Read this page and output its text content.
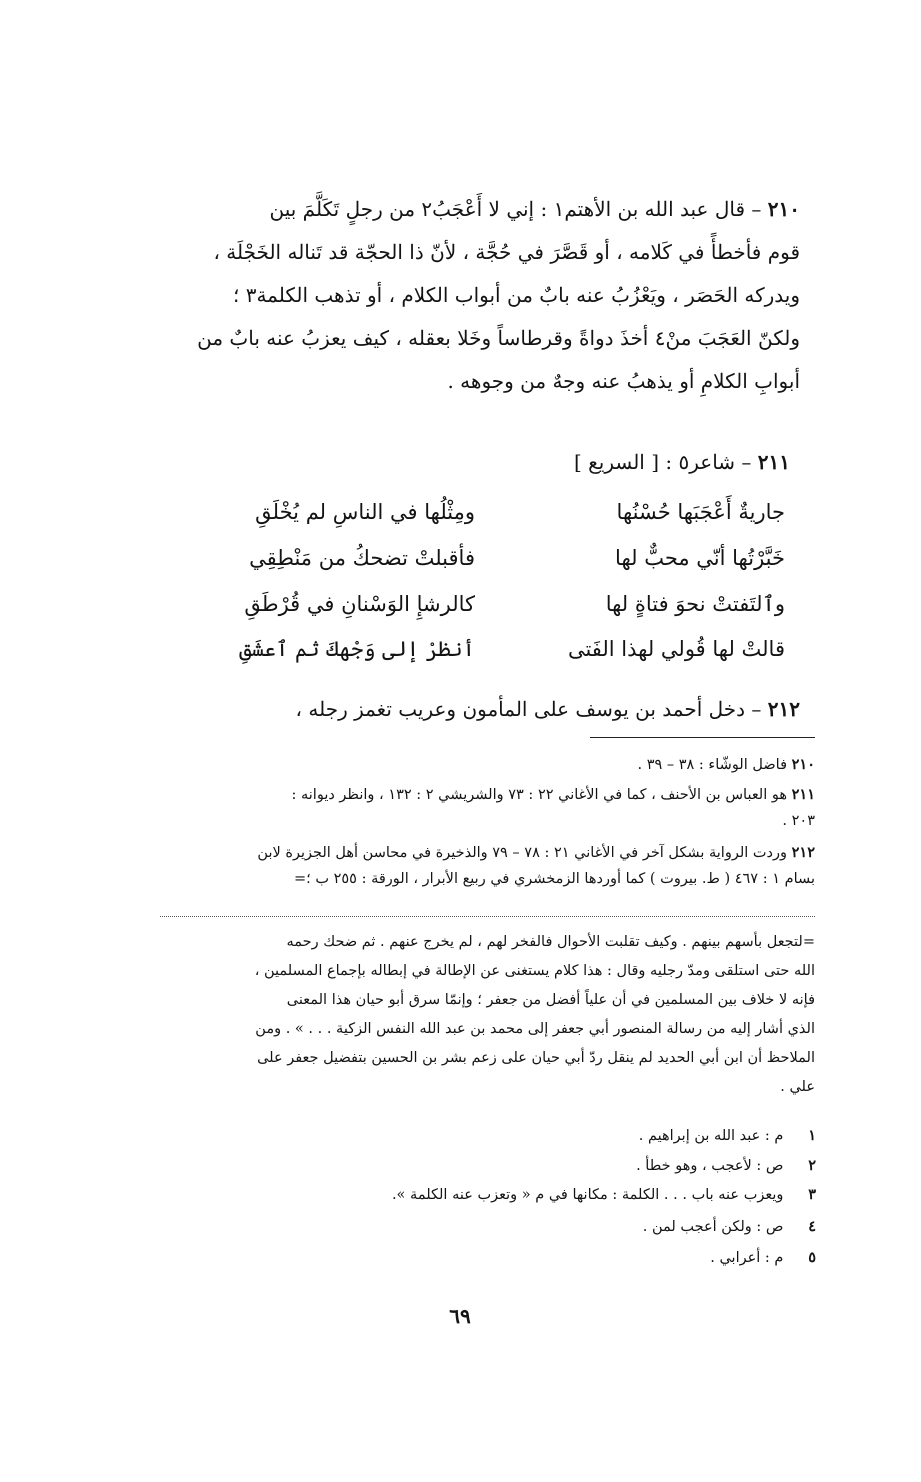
٢١٠ – قال عبد الله بن الأهتم١ : إني لا أَعْجَبُ٢ من رجلٍ تَكَلَّمَ بين
قوم فأخطأً في كَلامه ، أو قَصَّرَ في حُجَّة ، لأنّ ذا الحجّة قد تَناله الخَجْلَة ،
ويدركه الحَصَر ، ويَعْزُبُ عنه بابٌ من أبواب الكلام ، أو تذهب الكلمة٣ ؛
ولكنّ العَجَبَ منْ٤ أخذَ دواةً وقرطاساً وخَلا بعقله ، كيف يعزبُ عنه بابٌ من
أبوابِ الكلامِ أو يذهبُ عنه وجهٌ من وجوهه .
٢١١ – شاعر٥ : [ السريع ]
جاريةٌ أَعْجَبَها حُسْنُها
ومِثْلُها في الناسِ لم يُخْلَقِ
خَبَّرْتُها أنّي محبٌّ لها
فأقبلتْ تضحكُ من مَنْطِقِي
وٱلتَفتتْ نحوَ فتاةٍ لها
كالرشإِ الوَسْنانِ في قُرْطَقِ
قالتْ لها قُولي لهذا الفَتى
أنظرْ إلى وَجْهكَ ثم ٱعشَقِ
٢١٢ – دخل أحمد بن يوسف على المأمون وعريب تغمز رجله ،
٢١٠ فاضل الوشّاء : ٣٨ – ٣٩ .
٢١١ هو العباس بن الأحنف ، كما في الأغاني ٢٢ : ٧٣ والشريشي ٢ : ١٣٢ ، وانظر ديوانه :
٢٠٣ .
٢١٢ وردت الرواية بشكل آخر في الأغاني ٢١ : ٧٨ – ٧٩ والذخيرة في محاسن أهل الجزيرة لابن
بسام ١ : ٤٦٧ ( ط. بيروت ) كما أوردها الزمخشري في ربيع الأبرار ، الورقة : ٢٥٥ ب ؛=
=لتجعل بأسهم بينهم . وكيف تقلبت الأحوال فالفخر لهم ، لم يخرج عنهم . ثم ضحك رحمه
الله حتى استلقى ومدّ رجليه وقال : هذا كلام يستغنى عن الإطالة في إبطاله بإجماع المسلمين ،
فإنه لا خلاف بين المسلمين في أن علياً أفضل من جعفر ؛ وإنمّا سرق أبو حيان هذا المعنى
الذي أشار إليه من رسالة المنصور أبي جعفر إلى محمد بن عبد الله النفس الزكية . . . » . ومن
الملاحظ أن ابن أبي الحديد لم ينقل ردّ أبي حيان على زعم بشر بن الحسين بتفضيل جعفر على
علي .
١ م : عبد الله بن إبراهيم .
٢ ص : لأعجب ، وهو خطأ .
٣ ويعزب عنه باب . . . الكلمة : مكانها في م « وتعزب عنه الكلمة ».
٤ ص : ولكن أعجب لمن .
٥ م : أعرابي .
٦٩
